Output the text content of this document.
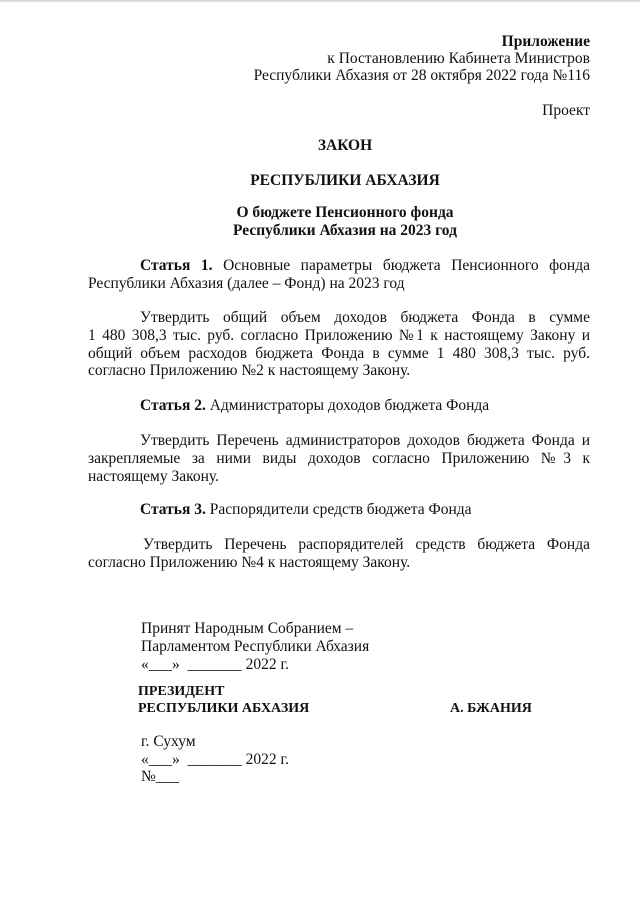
Приложение
к Постановлению Кабинета Министров
Республики Абхазия от 28 октября 2022 года №116
Проект
ЗАКОН
РЕСПУБЛИКИ АБХАЗИЯ
О бюджете Пенсионного фонда
Республики Абхазия на 2023 год
Статья 1. Основные параметры бюджета Пенсионного фонда
Республики Абхазия (далее – Фонд) на 2023 год
Утвердить общий объем доходов бюджета Фонда в сумме
1 480 308,3 тыс. руб. согласно Приложению №1 к настоящему Закону и
общий объем расходов бюджета Фонда в сумме 1 480 308,3 тыс. руб.
согласно Приложению №2 к настоящему Закону.
Статья 2. Администраторы доходов бюджета Фонда
Утвердить Перечень администраторов доходов бюджета Фонда и
закрепляемые за ними виды доходов согласно Приложению №3 к
настоящему Закону.
Статья 3. Распорядители средств бюджета Фонда
Утвердить Перечень распорядителей средств бюджета Фонда
согласно Приложению №4 к настоящему Закону.
Принят Народным Собранием –
Парламентом Республики Абхазия
«___»  _______ 2022 г.
ПРЕЗИДЕНТ
РЕСПУБЛИКИ АБХАЗИЯ	А. БЖАНИЯ
г. Сухум
«___»  _______ 2022 г.
№___
